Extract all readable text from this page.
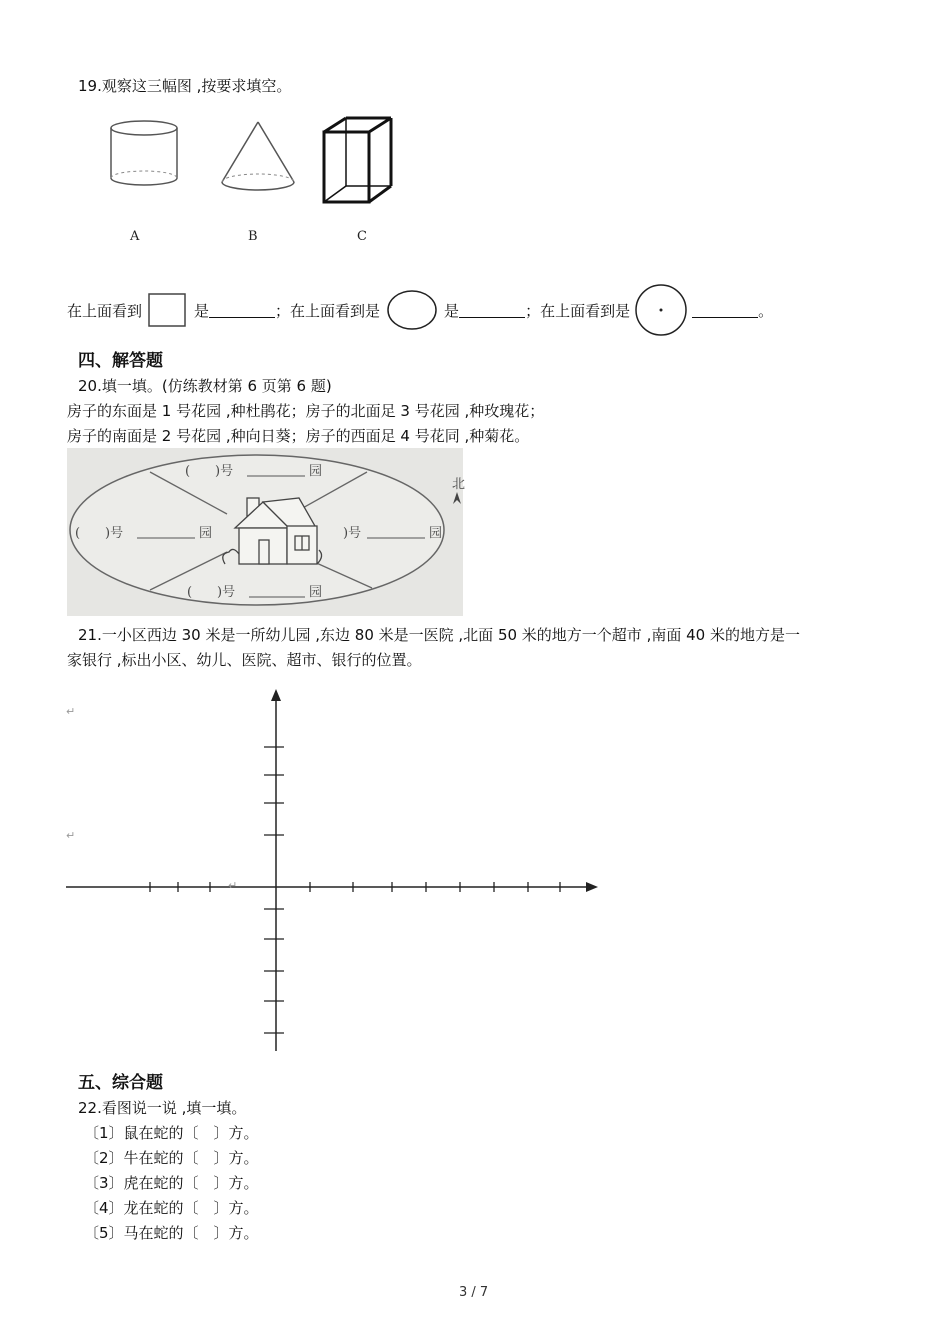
19.观察这三幅图 ,按要求填空。
A	B	C
在上面看到	是	；在上面看到是	是	；在上面看到是	。
四、解答题
20.填一填。(仿练教材第 6 页第 6 题)
房子的东面是 1 号花园 ,种杜鹃花；房子的北面足 3 号花园 ,种玫瑰花；
房子的南面是 2 号花园 ,种向日葵；房子的西面足 4 号花同 ,种菊花。
北
( )号	园
( )号	园	)号	园
( )号	园
21.一小区西边 30 米是一所幼儿园 ,东边 80 米是一医院 ,北面 50 米的地方一个超市 ,南面 40 米的地方是一
家银行 ,标出小区、幼儿、医院、超市、银行的位置。
↵
↵
↵
五、综合题
22.看图说一说 ,填一填。
〔1〕鼠在蛇的〔　〕方。
〔2〕牛在蛇的〔　〕方。
〔3〕虎在蛇的〔　〕方。
〔4〕龙在蛇的〔　〕方。
〔5〕马在蛇的〔　〕方。
3 / 7
